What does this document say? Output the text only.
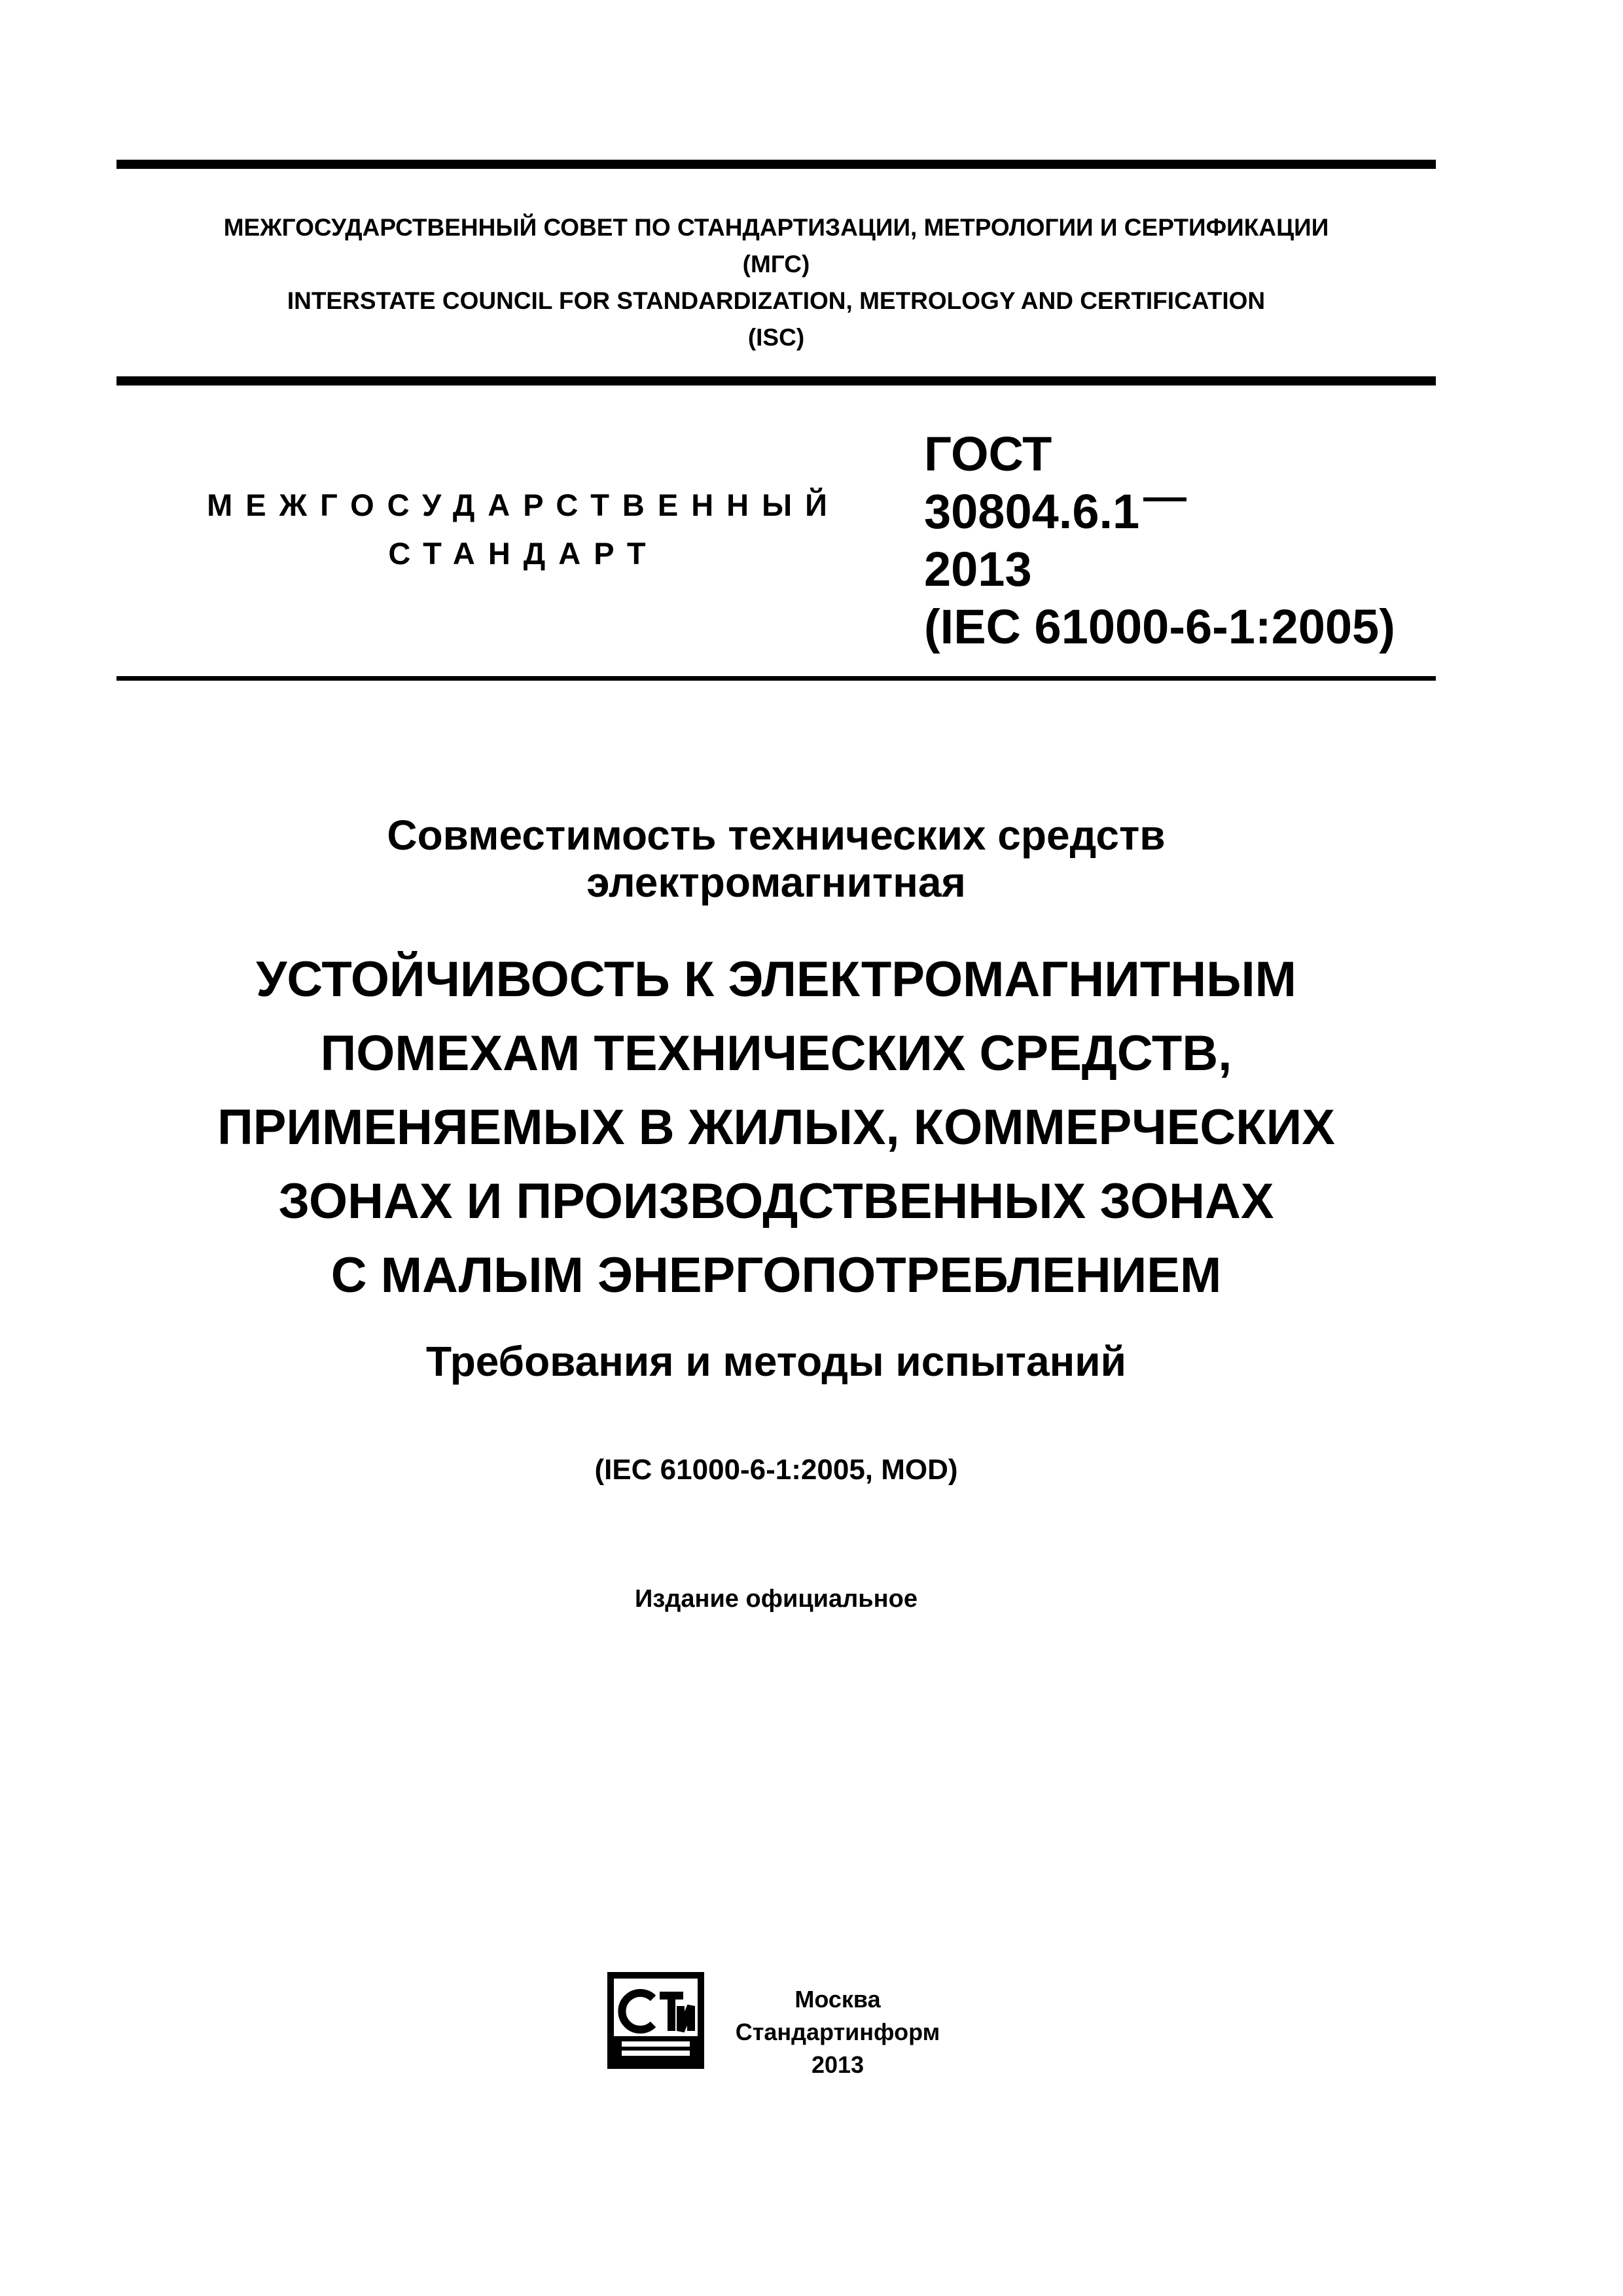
МЕЖГОСУДАРСТВЕННЫЙ СОВЕТ ПО СТАНДАРТИЗАЦИИ, МЕТРОЛОГИИ И СЕРТИФИКАЦИИ
(МГС)
INTERSTATE COUNCIL FOR STANDARDIZATION, METROLOGY AND CERTIFICATION
(ISC)
МЕЖГОСУДАРСТВЕННЫЙ
СТАНДАРТ
ГОСТ
30804.6.1
2013
(IEC 61000-6-1:2005)
Совместимость технических средств
электромагнитная
УСТОЙЧИВОСТЬ К ЭЛЕКТРОМАГНИТНЫМ
ПОМЕХАМ ТЕХНИЧЕСКИХ СРЕДСТВ,
ПРИМЕНЯЕМЫХ В ЖИЛЫХ, КОММЕРЧЕСКИХ
ЗОНАХ И ПРОИЗВОДСТВЕННЫХ ЗОНАХ
С МАЛЫМ ЭНЕРГОПОТРЕБЛЕНИЕМ
Требования и методы испытаний
(IEC 61000-6-1:2005, MOD)
Издание официальное
Москва
Стандартинформ
2013
